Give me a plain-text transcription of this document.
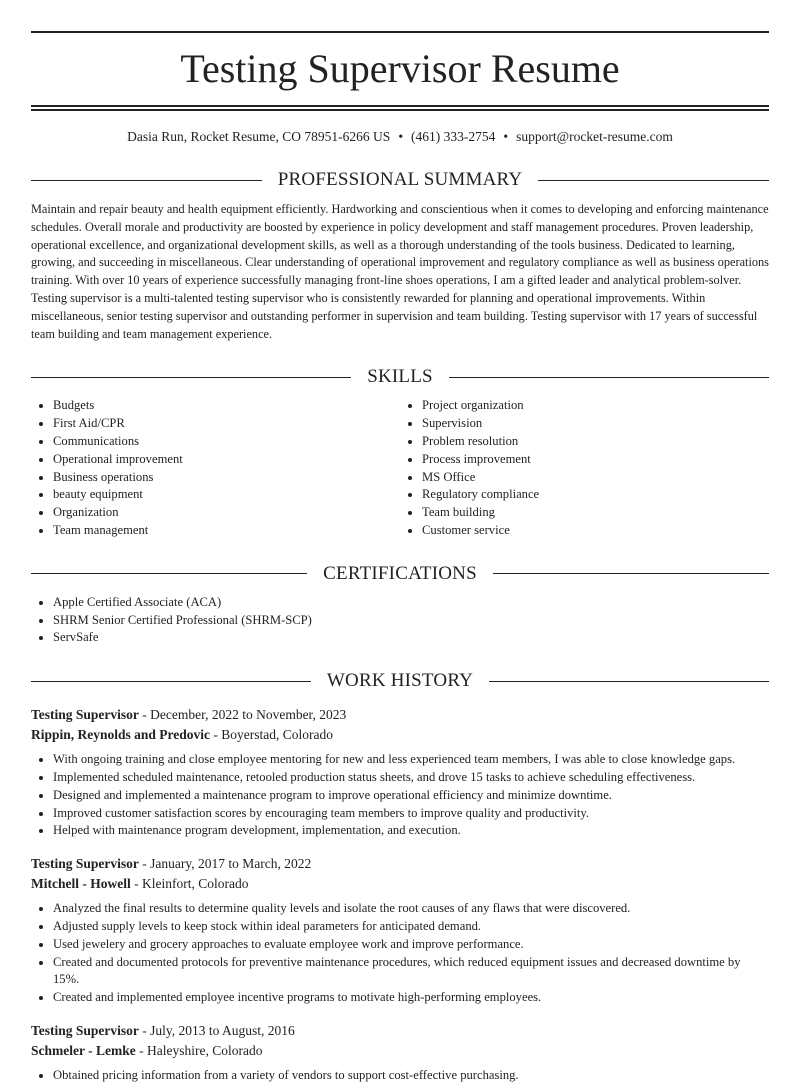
Testing Supervisor Resume
Dasia Run, Rocket Resume, CO 78951-6266 US • (461) 333-2754 • support@rocket-resume.com
PROFESSIONAL SUMMARY
Maintain and repair beauty and health equipment efficiently. Hardworking and conscientious when it comes to developing and enforcing maintenance schedules. Overall morale and productivity are boosted by experience in policy development and staff management procedures. Proven leadership, operational excellence, and organizational development skills, as well as a thorough understanding of the tools business. Dedicated to learning, growing, and succeeding in miscellaneous. Clear understanding of operational improvement and regulatory compliance as well as business operations training. With over 10 years of experience successfully managing front-line shoes operations, I am a gifted leader and analytical problem-solver. Testing supervisor is a multi-talented testing supervisor who is consistently rewarded for planning and operational improvements. Within miscellaneous, senior testing supervisor and outstanding performer in supervision and team building. Testing supervisor with 17 years of successful team building and team management experience.
SKILLS
• Budgets
• First Aid/CPR
• Communications
• Operational improvement
• Business operations
• beauty equipment
• Organization
• Team management
• Project organization
• Supervision
• Problem resolution
• Process improvement
• MS Office
• Regulatory compliance
• Team building
• Customer service
CERTIFICATIONS
• Apple Certified Associate (ACA)
• SHRM Senior Certified Professional (SHRM-SCP)
• ServSafe
WORK HISTORY
Testing Supervisor - December, 2022 to November, 2023
Rippin, Reynolds and Predovic - Boyerstad, Colorado
• With ongoing training and close employee mentoring for new and less experienced team members, I was able to close knowledge gaps.
• Implemented scheduled maintenance, retooled production status sheets, and drove 15 tasks to achieve scheduling effectiveness.
• Designed and implemented a maintenance program to improve operational efficiency and minimize downtime.
• Improved customer satisfaction scores by encouraging team members to improve quality and productivity.
• Helped with maintenance program development, implementation, and execution.
Testing Supervisor - January, 2017 to March, 2022
Mitchell - Howell - Kleinfort, Colorado
• Analyzed the final results to determine quality levels and isolate the root causes of any flaws that were discovered.
• Adjusted supply levels to keep stock within ideal parameters for anticipated demand.
• Used jewelery and grocery approaches to evaluate employee work and improve performance.
• Created and documented protocols for preventive maintenance procedures, which reduced equipment issues and decreased downtime by 15%.
• Created and implemented employee incentive programs to motivate high-performing employees.
Testing Supervisor - July, 2013 to August, 2016
Schmeler - Lemke - Haleyshire, Colorado
• Obtained pricing information from a variety of vendors to support cost-effective purchasing.
